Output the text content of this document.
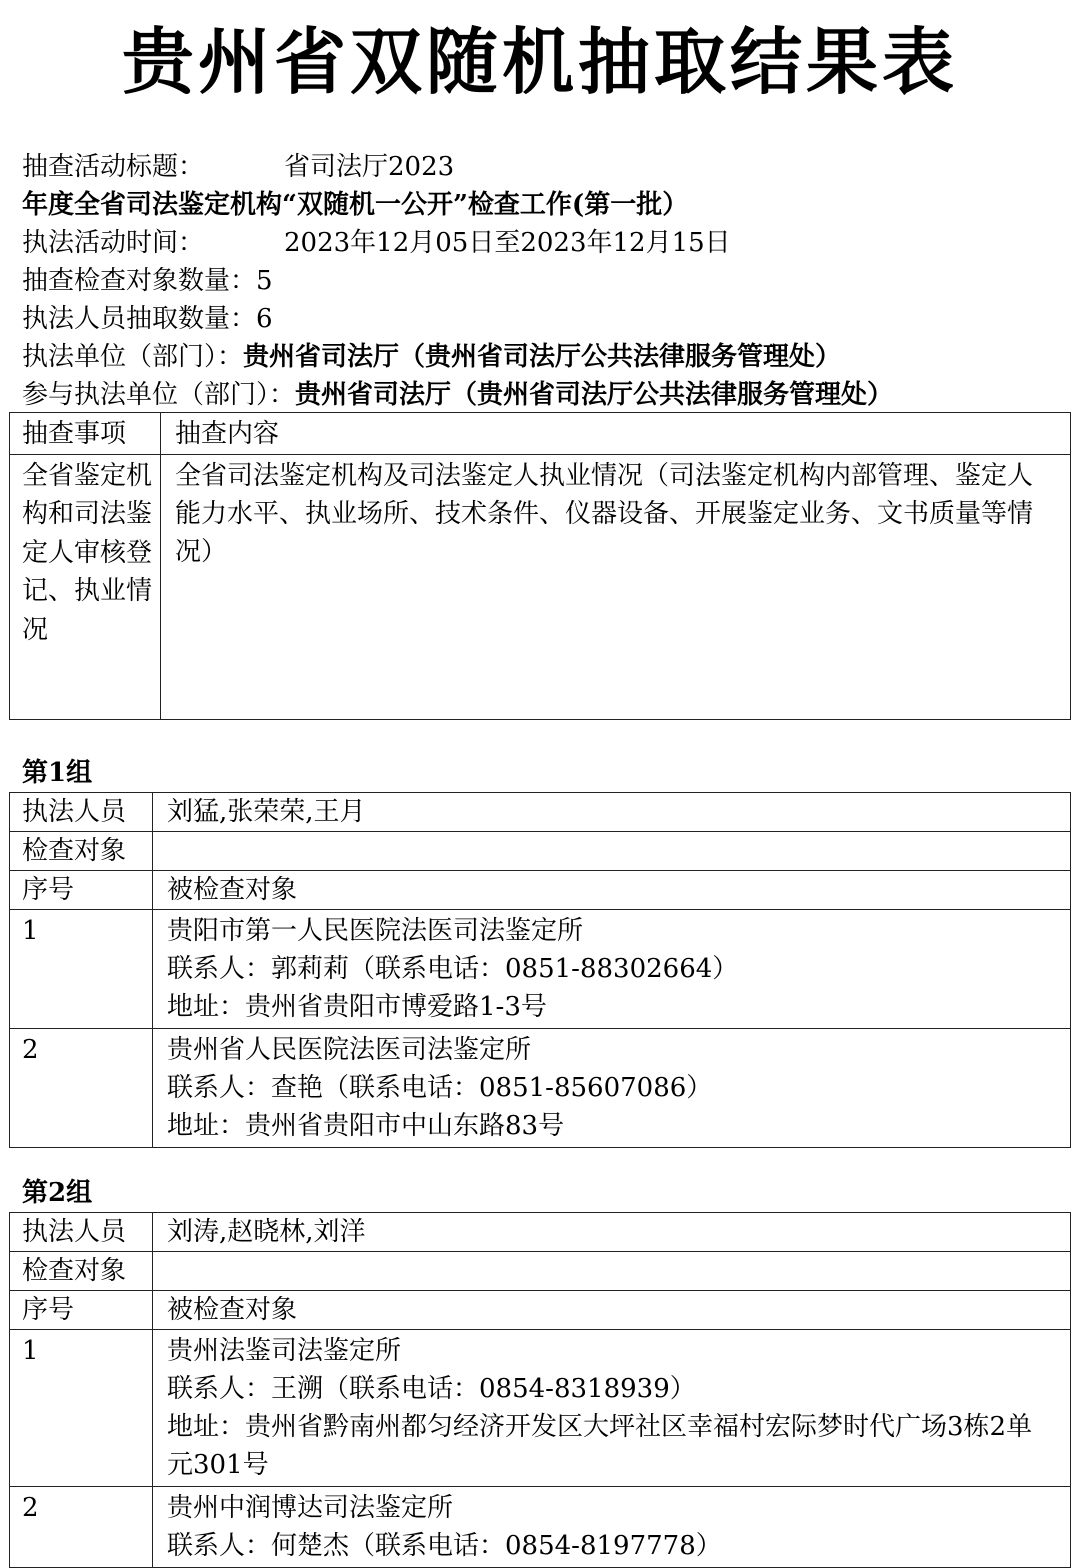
贵州省双随机抽取结果表
抽查活动标题：	省司法厅2023
年度全省司法鉴定机构“双随机一公开”检查工作(第一批）
执法活动时间：	2023年12月05日至2023年12月15日
抽查检查对象数量：5
执法人员抽取数量：6
执法单位（部门）：贵州省司法厅（贵州省司法厅公共法律服务管理处）
参与执法单位（部门）：贵州省司法厅（贵州省司法厅公共法律服务管理处）
抽查事项	抽查内容
全省鉴定机构和司法鉴定人审核登记、执业情况	全省司法鉴定机构及司法鉴定人执业情况（司法鉴定机构内部管理、鉴定人能力水平、执业场所、技术条件、仪器设备、开展鉴定业务、文书质量等情况）
第1组
执法人员	刘猛,张荣荣,王月
检查对象	
序号	被检查对象
1	贵阳市第一人民医院法医司法鉴定所
联系人：郭莉莉（联系电话：0851-88302664）
地址：贵州省贵阳市博爱路1-3号

2	贵州省人民医院法医司法鉴定所
联系人：查艳（联系电话：0851-85607086）
地址：贵州省贵阳市中山东路83号
第2组
执法人员	刘涛,赵晓林,刘洋
检查对象	
序号	被检查对象
1	贵州法鉴司法鉴定所
联系人：王溯（联系电话：0854-8318939）
地址：贵州省黔南州都匀经济开发区大坪社区幸福村宏际梦时代广场3栋2单元301号

2	贵州中润博达司法鉴定所
联系人：何楚杰（联系电话：0854-8197778）
